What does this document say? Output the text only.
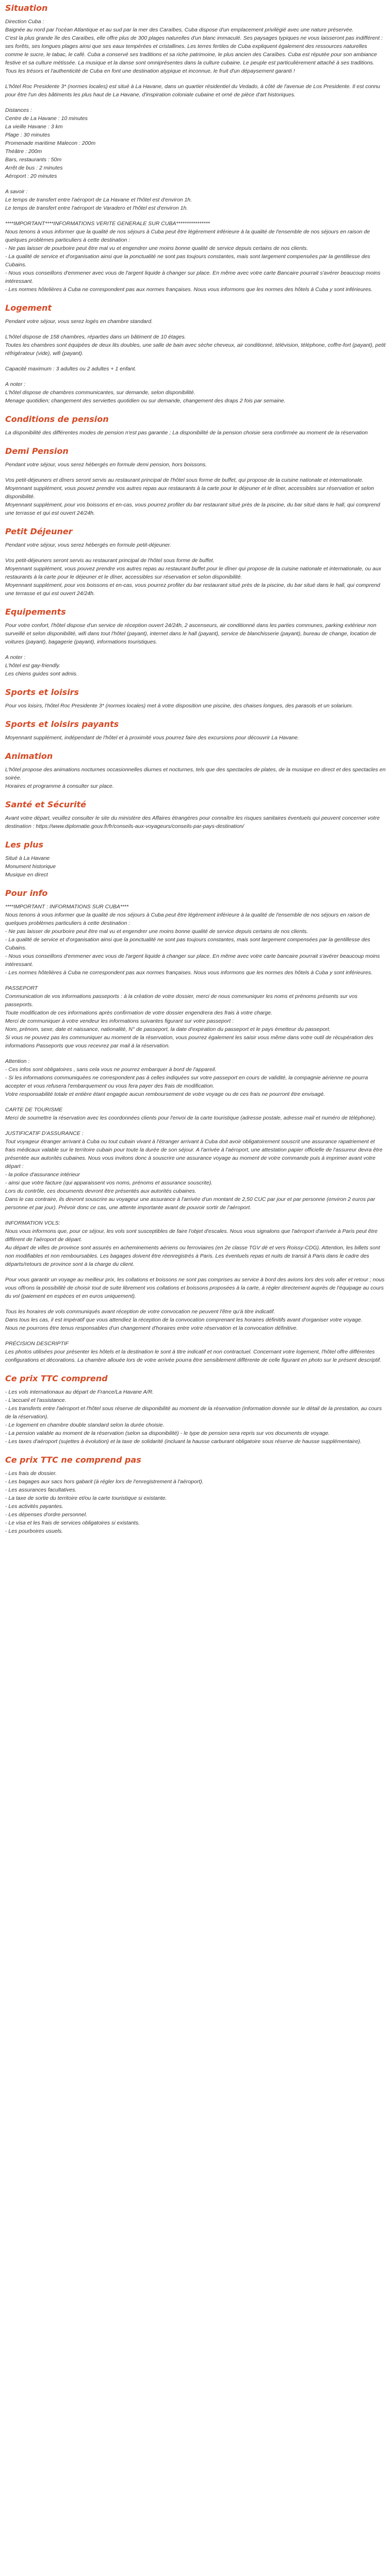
Situation

Direction Cuba :
Baignée au nord par l'océan Atlantique et au sud par la mer des Caraïbes, Cuba dispose d'un emplacement privilégié avec une nature préservée.
C'est la plus grande île des Caraïbes, elle offre plus de 300 plages naturelles d'un blanc immaculé. Ses paysages typiques ne vous laisseront pas indifférent : ses forêts, ses longues plages ainsi que ses eaux tempérées et cristallines. Les terres fertiles de Cuba expliquent également des ressources naturelles comme le sucre, le tabac, le café. Cuba a conservé ses traditions et sa riche patrimoine, le plus ancien des Caraïbes. Cuba est réputée pour son ambiance festive et sa culture métissée. La musique et la danse sont omniprésentes dans la culture cubaine. Le peuple est particulièrement attaché à ses traditions. Tous les trésors et l'authenticité de Cuba en font une destination atypique et inconnue, le fruit d'un dépaysement garanti !

L'hôtel Roc Presidente 3* (normes locales) est situé à La Havane, dans un quartier résidentiel du Vedado, à côté de l'avenue de Los Presidente. Il est connu pour être l'un des bâtiments les plus haut de La Havane, d'inspiration coloniale cubaine et orné de pièce d'art historiques.

Distances :
Centre de La Havane : 10 minutes
La vieille Havane : 3 km
Plage : 30 minutes
Promenade maritime Malecon : 200m
Théâtre : 200m
Bars, restaurants : 50m
Arrêt de bus : 2 minutes
Aéroport : 20 minutes

A savoir :
Le temps de transfert entre l'aéroport de La Havane et l'hôtel est d'environ 1h.
Le temps de transfert entre l'aéroport de Varadero et l'hôtel est d'environ 1h.

****IMPORTANT****INFORMATIONS VERITE GENERALE SUR CUBA****************
Nous tenons à vous informer que la qualité de nos séjours à Cuba peut être légèrement inférieure à la qualité de l'ensemble de nos séjours en raison de quelques problèmes particuliers à cette destination :
- Ne pas laisser de pourboire peut être mal vu et engendrer une moins bonne qualité de service depuis certains de nos clients.
- La qualité de service et d'organisation ainsi que la ponctualité ne sont pas toujours constantes, mais sont largement compensées par la gentillesse des Cubains.
- Nous vous conseillons d'emmener avec vous de l'argent liquide à changer sur place. En même avec votre carte Bancaire pourrait s'avérer beaucoup moins intéressant.
- Les normes hôtelières à Cuba ne correspondent pas aux normes françaises. Nous vous informons que les normes des hôtels à Cuba y sont inférieures.

Logement

Pendant votre séjour, vous serez logés en chambre standard.

L'hôtel dispose de 158 chambres, réparties dans un bâtiment de 10 étages.
Toutes les chambres sont équipées de deux lits doubles, une salle de bain avec sèche cheveux, air conditionné, télévision, téléphone, coffre-fort (payant), petit réfrigérateur (vide), wifi (payant).

Capacité maximum : 3 adultes ou 2 adultes + 1 enfant.

A noter :
L'hôtel dispose de chambres communicantes, sur demande, selon disponibilité.
Menage quotidien; changement des serviettes quotidien ou sur demande, changement des draps 2 fois par semaine.

Conditions de pension

La disponibilité des différentes modes de pension n'est pas garantie ; La disponibilité de la pension choisie sera confirmée au moment de la réservation

Demi Pension

Pendant votre séjour, vous serez hébergés en formule demi pension, hors boissons.

Vos petit-déjeuners et dîners seront servis au restaurant principal de l'hôtel sous forme de buffet, qui propose de la cuisine nationale et internationale.
Moyennant supplément, vous pouvez prendre vos autres repas aux restaurants à la carte pour le déjeuner et le dîner, accessibles sur réservation et selon disponibilité.
Moyennant supplément, pour vos boissons et en-cas, vous pourrez profiter du bar restaurant situé près de la piscine, du bar situé dans le hall, qui comprend une terrasse et qui est ouvert 24/24h.

Petit Déjeuner

Pendant votre séjour, vous serez hébergés en formule petit-déjeuner.

Vos petit-déjeuners seront servis au restaurant principal de l'hôtel sous forme de buffet.
Moyennant supplément, vous pouvez prendre vos autres repas au restaurant buffet pour le dîner qui propose de la cuisine nationale et internationale, ou aux restaurants à la carte pour le déjeuner et le dîner, accessibles sur réservation et selon disponibilité.
Moyennant supplément, pour vos boissons et en-cas, vous pourrez profiter du bar restaurant situé près de la piscine, du bar situé dans le hall, qui comprend une terrasse et qui est ouvert 24/24h.

Equipements

Pour votre confort, l'hôtel dispose d'un service de réception ouvert 24/24h, 2 ascenseurs, air conditionné dans les parties communes, parking extérieur non surveillé et selon disponibilité, wifi dans tout l'hôtel (payant), internet dans le hall (payant), service de blanchisserie (payant), bureau de change, location de voitures (payant), bagagerie (payant), informations touristiques.

A noter :
L'hôtel est gay-friendly.
Les chiens guides sont admis.

Sports et loisirs

Pour vos loisirs, l'hôtel Roc Presidente 3* (normes locales) met à votre disposition une piscine, des chaises longues, des parasols et un solarium.

Sports et loisirs payants

Moyennant supplément, indépendant de l'hôtel et à proximité vous pourrez faire des excursions pour découvrir La Havane.

Animation

L'hôtel propose des animations nocturnes occasionnelles diurnes et nocturnes, tels que des spectacles de plates, de la musique en direct et des spectacles en soirée.
Horaires et programme à consulter sur place.

Santé et Sécurité

Avant votre départ, veuillez consulter le site du ministère des Affaires étrangères pour connaître les risques sanitaires éventuels qui peuvent concerner votre destination : https://www.diplomatie.gouv.fr/fr/conseils-aux-voyageurs/conseils-par-pays-destination/

Les plus

Situé à La Havane
Monument historique
Musique en direct

Pour info

****IMPORTANT : INFORMATIONS SUR CUBA****
Nous tenons à vous informer que la qualité de nos séjours à Cuba peut être légèrement inférieure à la qualité de l'ensemble de nos séjours en raison de quelques problèmes particuliers à cette destination :
- Ne pas laisser de pourboire peut être mal vu et engendrer une moins bonne qualité de service depuis certains de nos clients.
- La qualité de service et d'organisation ainsi que la ponctualité ne sont pas toujours constantes, mais sont largement compensées par la gentillesse des Cubains.
- Nous vous conseillons d'emmener avec vous de l'argent liquide à changer sur place. En même avec votre carte bancaire pourrait s'avérer beaucoup moins intéressant.
- Les normes hôtelières à Cuba ne correspondent pas aux normes françaises. Nous vous informons que les normes des hôtels à Cuba y sont inférieures.

PASSEPORT
Communication de vos informations passeports : à la création de votre dossier, merci de nous communiquer les noms et prénoms présents sur vos passeports.
Toute modification de ces informations après confirmation de votre dossier engendrera des frais à votre charge.
Merci de communiquer à votre vendeur les informations suivantes figurant sur votre passeport :
Nom, prénom, sexe, date et naissance, nationalité, N° de passeport, la date d'expiration du passeport et le pays émetteur du passeport.
Si vous ne pouvez pas les communiquer au moment de la réservation, vous pourrez également les saisir vous même dans votre outil de récupération des informations Passeports que vous recevrez par mail à la réservation.

Attention :
- Ces infos sont obligatoires , sans cela vous ne pourrez embarquer à bord de l'appareil.
- Si les informations communiquées ne correspondent pas à celles indiquées sur votre passeport en cours de validité, la compagnie aérienne ne pourra accepter et vous refusera l'embarquement ou vous fera payer des frais de modification.
Votre responsabilité totale et entière étant engagée aucun remboursement de votre voyage ou de ces frais ne pourront être envisagé.

CARTE DE TOURISME
Merci de soumettre la réservation avec les coordonnées clients pour l'envoi de la carte touristique (adresse postale, adresse mail et numéro de téléphone).

JUSTIFICATIF D'ASSURANCE :
Tout voyageur étranger arrivant à Cuba ou tout cubain vivant à l'étranger arrivant à Cuba doit avoir obligatoirement souscrit une assurance rapatriement et frais médicaux valable sur le territoire cubain pour toute la durée de son séjour. A l'arrivée à l'aéroport, une attestation papier officielle de l'assureur devra être présentée aux autorités cubaines. Nous vous invitons donc à souscrire une assurance voyage au moment de votre commande puis à imprimer avant votre départ :
- la police d'assurance intérieur
- ainsi que votre facture (qui apparaissent vos noms, prénoms et assurance souscrite).
Lors du contrôle, ces documents devront être présentés aux autorités cubaines.
Dans le cas contraire, ils devront souscrire au voyageur une assurance à l'arrivée d'un montant de 2,50 CUC par jour et par personne (environ 2 euros par personne et par jour). Prévoir donc ce cas, une attente importante avant de pouvoir sortir de l'aéroport.

INFORMATION VOLS:
Nous vous informons que, pour ce séjour, les vols sont susceptibles de faire l'objet d'escales. Nous vous signalons que l'aéroport d'arrivée à Paris peut être différent de l'aéroport de départ.
Au départ de villes de province sont assurés en acheminements aériens ou ferroviaires (en 2e classe TGV dé et vers Roissy-CDG). Attention, les billets sont non modifiables et non remboursables. Les bagages doivent être réenregistrés à Paris. Les éventuels repas et nuits de transit à Paris dans le cadre des départs/retours de province sont à la charge du client.

Pour vous garantir un voyage au meilleur prix, les collations et boissons ne sont pas comprises au service à bord des avions lors des vols aller et retour ; nous vous offrons la possibilité de choisir tout de suite librement vos collations et boissons proposées à la carte, à régler directement auprès de l'équipage au cours du vol (paiement en espèces et en euros uniquement).

Tous les horaires de vols communiqués avant réception de votre convocation ne peuvent l'être qu'à titre indicatif.
Dans tous les cas, il est impératif que vous attendiez la réception de la convocation comprenant les horaires définitifs avant d'organiser votre voyage.
Nous ne pourrons être tenus responsables d'un changement d'horaires entre votre réservation et la convocation définitive.

PRÉCISION DESCRIPTIF
Les photos utilisées pour présenter les hôtels et la destination le sont à titre indicatif et non contractuel. Concernant votre logement, l'hôtel offre différentes configurations et décorations. La chambre allouée lors de votre arrivée pourra être sensiblement différente de celle figurant en photo sur le présent descriptif.

Ce prix TTC comprend

- Les vols internationaux au départ de France/La Havane A/R.
- L'accueil et l'assistance.
- Les transferts entre l'aéroport et l'hôtel sous réserve de disponibilité au moment de la réservation (information donnée sur le détail de la prestation, au cours de la réservation).
- Le logement en chambre double standard selon la durée choisie.
- La pension valable au moment de la réservation (selon sa disponibilité) - le type de pension sera repris sur vos documents de voyage.
- Les taxes d'aéroport (sujettes à évolution) et la taxe de solidarité (incluant la hausse carburant obligatoire sous réserve de hausse supplémentaire).

Ce prix TTC ne comprend pas

- Les frais de dossier.
- Les bagages aux sacs hors gabarit (à régler lors de l'enregistrement à l'aéroport).
- Les assurances facultatives.
- La taxe de sortie du territoire et/ou la carte touristique si existante.
- Les activités payantes.
- Les dépenses d'ordre personnel.
- Le visa et les frais de services obligatoires si existants.
- Les pourboires usuels.
